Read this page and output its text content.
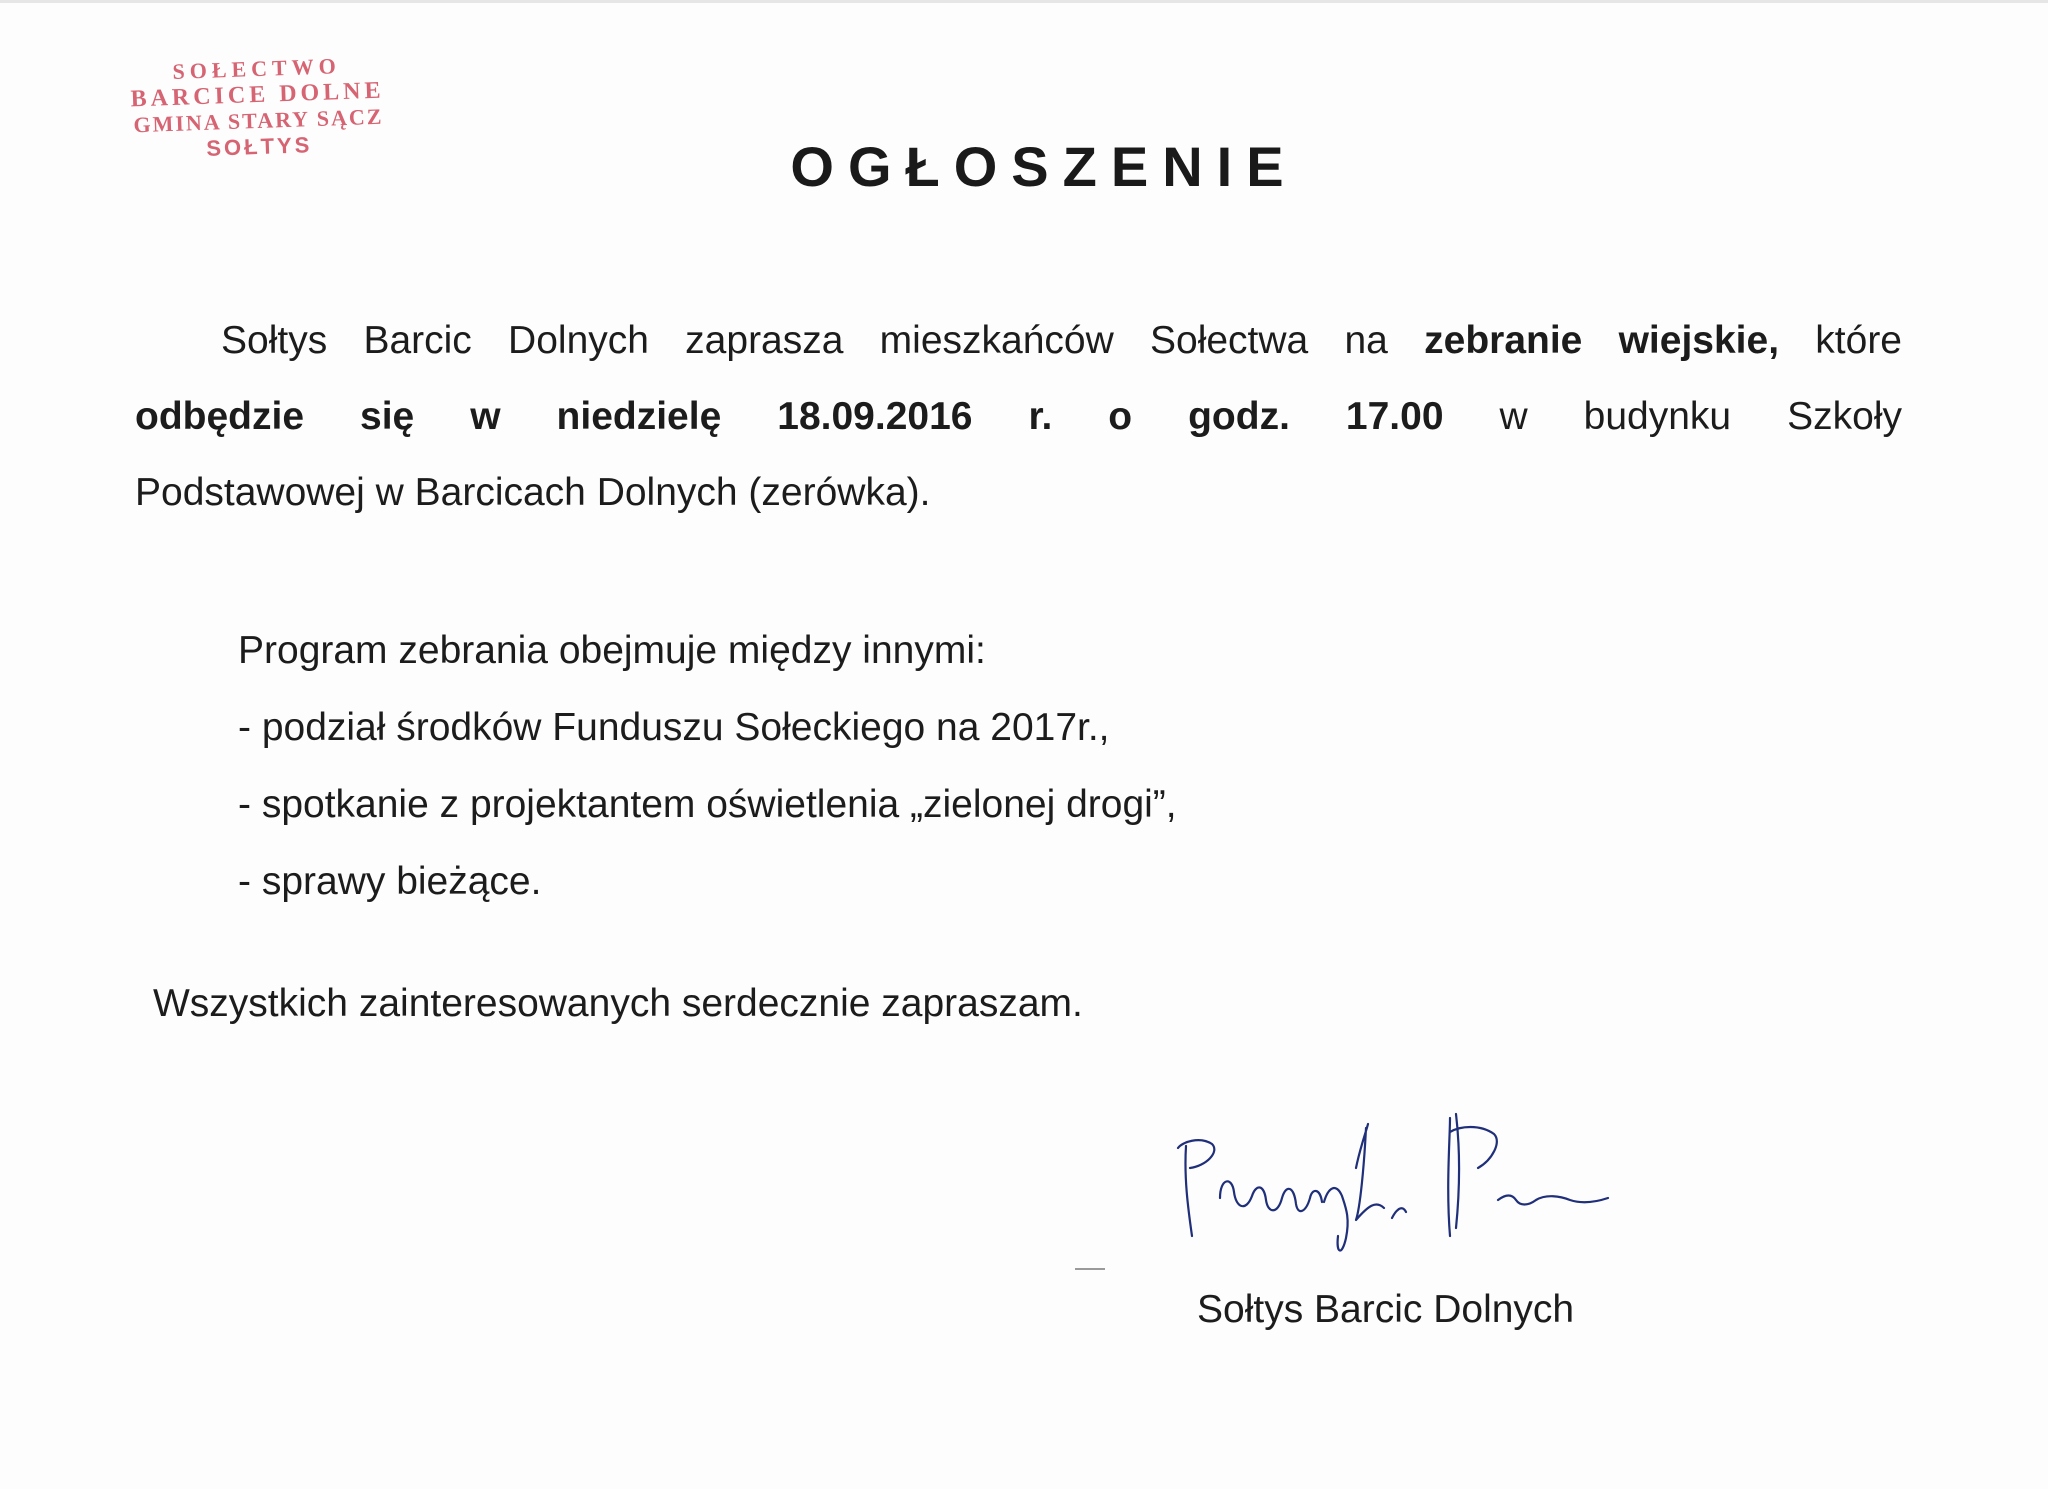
SOŁECTWO
BARCICE DOLNE
GMINA STARY SĄCZ
SOŁTYS	OGŁOSZENIE
Sołtys Barcic Dolnych zaprasza mieszkańców Sołectwa na zebranie wiejskie, które
odbędzie się w niedzielę 18.09.2016 r. o godz. 17.00 w budynku Szkoły
Podstawowej w Barcicach Dolnych (zerówka).
Program zebrania obejmuje między innymi:
- podział środków Funduszu Sołeckiego na 2017r.,
- spotkanie z projektantem oświetlenia „zielonej drogi”,
- sprawy bieżące.
Wszystkich zainteresowanych serdecznie zapraszam.
Sołtys Barcic Dolnych
